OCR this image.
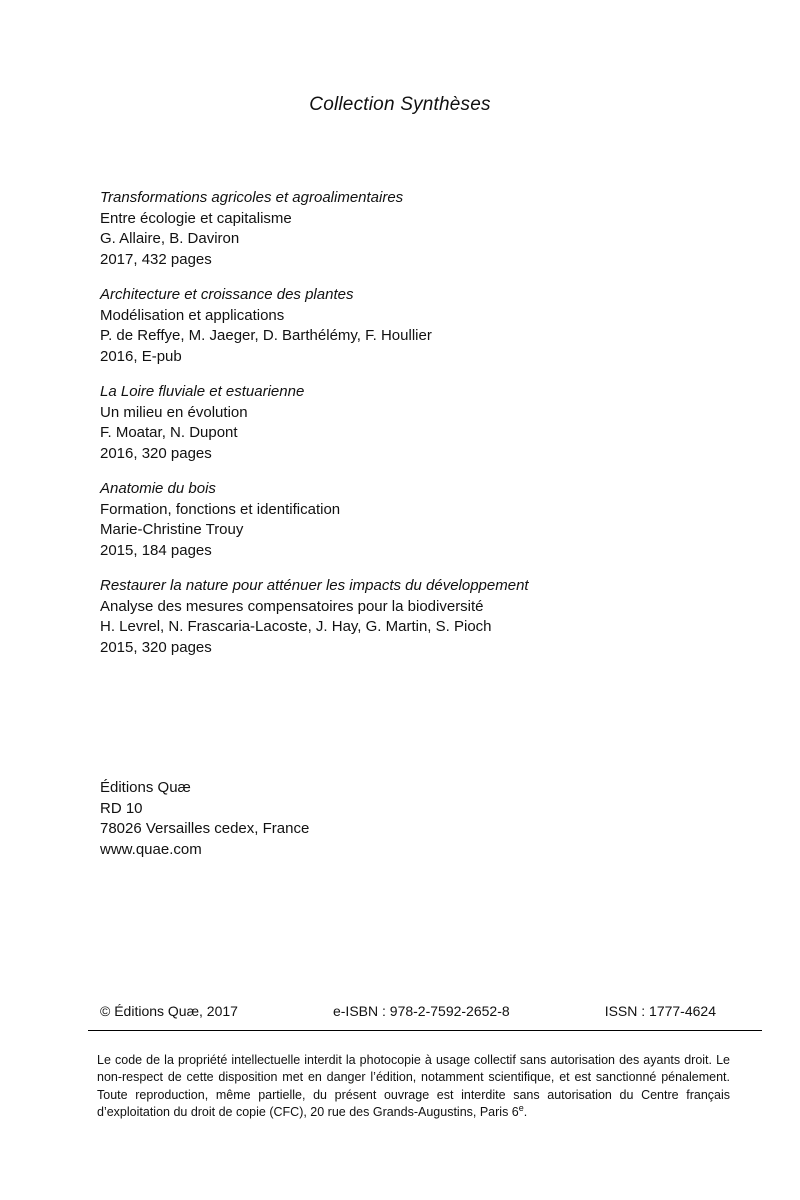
Collection Synthèses
Transformations agricoles et agroalimentaires
Entre écologie et capitalisme
G. Allaire, B. Daviron
2017, 432 pages
Architecture et croissance des plantes
Modélisation et applications
P. de Reffye, M. Jaeger, D. Barthélémy, F. Houllier
2016, E-pub
La Loire fluviale et estuarienne
Un milieu en évolution
F. Moatar, N. Dupont
2016, 320 pages
Anatomie du bois
Formation, fonctions et identification
Marie-Christine Trouy
2015, 184 pages
Restaurer la nature pour atténuer les impacts du développement
Analyse des mesures compensatoires pour la biodiversité
H. Levrel, N. Frascaria-Lacoste, J. Hay, G. Martin, S. Pioch
2015, 320 pages
Éditions Quæ
RD 10
78026 Versailles cedex, France
www.quae.com
© Éditions Quæ, 2017	e-ISBN : 978-2-7592-2652-8	ISSN : 1777-4624

Le code de la propriété intellectuelle interdit la photocopie à usage collectif sans autorisation des ayants droit. Le non-respect de cette disposition met en danger l’édition, notamment scientifique, et est sanctionné pénalement. Toute reproduction, même partielle, du présent ouvrage est interdite sans autorisation du Centre français d’exploitation du droit de copie (CFC), 20 rue des Grands-Augustins, Paris 6e.
